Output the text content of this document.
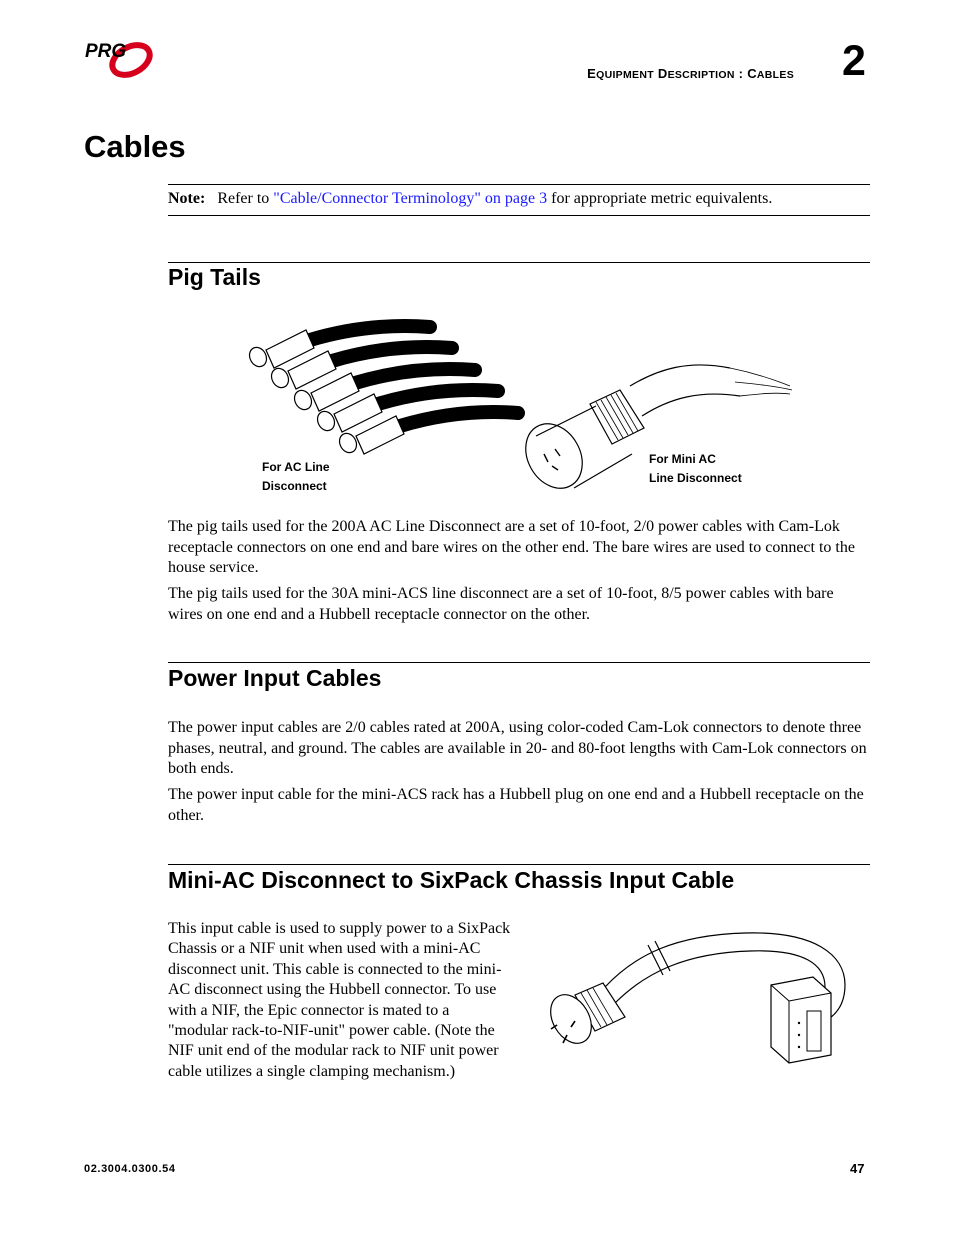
PRG
EQUIPMENT DESCRIPTION : CABLES 2
Cables
Note: Refer to "Cable/Connector Terminology" on page 3 for appropriate metric equivalents.
Pig Tails
For AC Line
Disconnect
For Mini AC
Line Disconnect
The pig tails used for the 200A AC Line Disconnect are a set of 10-foot, 2/0 power cables with Cam-Lok receptacle connectors on one end and bare wires on the other end. The bare wires are used to connect to the house service.
The pig tails used for the 30A mini-ACS line disconnect are a set of 10-foot, 8/5 power cables with bare wires on one end and a Hubbell receptacle connector on the other.
Power Input Cables
The power input cables are 2/0 cables rated at 200A, using color-coded Cam-Lok connectors to denote three phases, neutral, and ground. The cables are available in 20- and 80-foot lengths with Cam-Lok connectors on both ends.
The power input cable for the mini-ACS rack has a Hubbell plug on one end and a Hubbell receptacle on the other.
Mini-AC Disconnect to SixPack Chassis Input Cable
This input cable is used to supply power to a SixPack
Chassis or a NIF unit when used with a mini-AC
disconnect unit. This cable is connected to the mini-
AC disconnect using the Hubbell connector. To use
with a NIF, the Epic connector is mated to a
"modular rack-to-NIF-unit" power cable. (Note the
NIF unit end of the modular rack to NIF unit power
cable utilizes a single clamping mechanism.)
02.3004.0300.54	47
